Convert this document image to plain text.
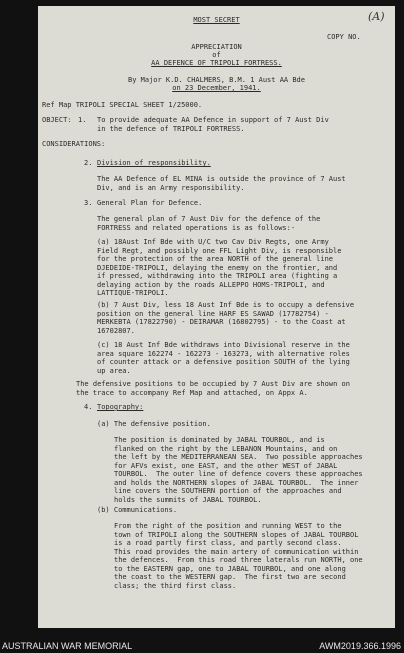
MOST SECRET	(A)
COPY NO.
APPRECIATION
of
AA DEFENCE OF TRIPOLI FORTRESS.
By Major K.D. CHALMERS, B.M. 1 Aust AA Bde
on 23 December, 1941.
Ref Map TRIPOLI SPECIAL SHEET 1/25000.
OBJECT: 1. To provide adequate AA Defence in support of 7 Aust Div
in the defence of TRIPOLI FORTRESS.
CONSIDERATIONS:
2. Division of responsibility.
The AA Defence of EL MINA is outside the province of 7 Aust
Div, and is an Army responsibility.
3. General Plan for Defence.
The general plan of 7 Aust Div for the defence of the
FORTRESS and related operations is as follows:-
(a) 18Aust Inf Bde with U/C two Cav Div Regts, one Army
Field Regt, and possibly one FFL Light Div, is responsible
for the protection of the area NORTH of the general line
DJEDEIDE-TRIPOLI, delaying the enemy on the frontier, and
if pressed, withdrawing into the TRIPOLI area (fighting a
delaying action by the roads ALLEPPO HOMS-TRIPOLI, and
LATTIQUE-TRIPOLI.
(b) 7 Aust Div, less 18 Aust Inf Bde is to occupy a defensive
position on the general line HARF ES SAWAD (17782754) -
MERKEBTA (17822790) - DEIRAMAR (16802795) - to the Coast at
16702807.
(c) 18 Aust Inf Bde withdraws into Divisional reserve in the
area square 162274 - 162273 - 163273, with alternative roles
of counter attack or a defensive position SOUTH of the lying
up area.
The defensive positions to be occupied by 7 Aust Div are shown on
the trace to accompany Ref Map and attached, on Appx A.
4. Topography:
(a) The defensive position.
The position is dominated by JABAL TOURBOL, and is
flanked on the right by the LEBANON Mountains, and on
the left by the MEDITERRANEAN SEA.  Two possible approaches
for AFVs exist, one EAST, and the other WEST of JABAL
TOURBOL.  The outer line of defence covers these approaches
and holds the NORTHERN slopes of JABAL TOURBOL.  The inner
line covers the SOUTHERN portion of the approaches and
holds the summits of JABAL TOURBOL.
(b) Communications.
From the right of the position and running WEST to the
town of TRIPOLI along the SOUTHERN slopes of JABAL TOURBOL
is a road partly first class, and partly second class.
This road provides the main artery of communication within
the defences.  From this road three laterals run NORTH, one
to the EASTERN gap, one to JABAL TOURBOL, and one along
the coast to the WESTERN gap.  The first two are second
class; the third first class.
AUSTRALIAN WAR MEMORIAL	AWM2019.366.1996
